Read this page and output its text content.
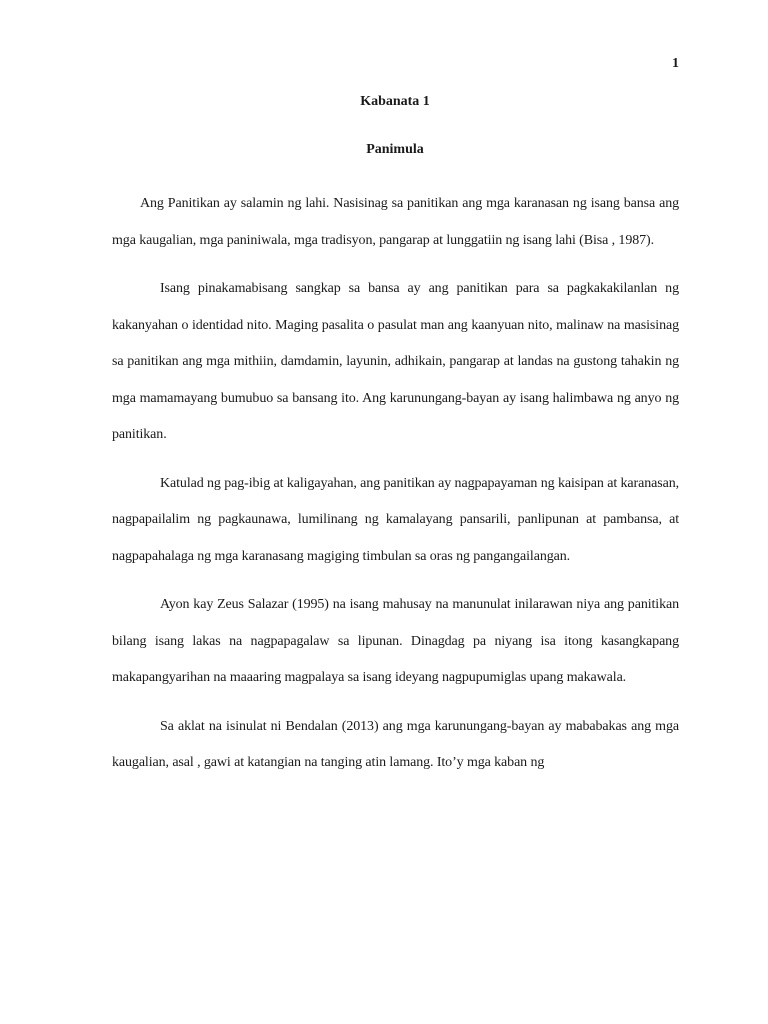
1
Kabanata 1
Panimula

Ang Panitikan ay salamin ng lahi. Nasisinag sa panitikan ang mga karanasan ng isang bansa ang mga kaugalian, mga paniniwala, mga tradisyon, pangarap at lunggatiin ng isang lahi (Bisa , 1987).

Isang pinakamabisang sangkap sa bansa ay ang panitikan para sa pagkakakilanlan ng kakanyahan o identidad nito. Maging pasalita o pasulat man ang kaanyuan nito, malinaw na masisinag sa panitikan ang mga mithiin, damdamin, layunin, adhikain, pangarap at landas na gustong tahakin ng mga mamamayang bumubuo sa bansang ito. Ang karunungang-bayan ay isang halimbawa ng anyo ng panitikan.

Katulad ng pag-ibig at kaligayahan, ang panitikan ay nagpapayaman ng kaisipan at karanasan, nagpapailalim ng pagkaunawa, lumilinang ng kamalayang pansarili, panlipunan at pambansa, at nagpapahalaga ng mga karanasang magiging timbulan sa oras ng pangangailangan.

Ayon kay Zeus Salazar (1995) na isang mahusay na manunulat inilarawan niya ang panitikan bilang isang lakas na nagpapagalaw sa lipunan. Dinagdag pa niyang isa itong kasangkapang makapangyarihan na maaaring magpalaya sa isang ideyang nagpupumiglas upang makawala.

Sa aklat na isinulat ni Bendalan (2013) ang mga karunungang-bayan ay mababakas ang mga kaugalian, asal , gawi at katangian na tanging atin lamang. Ito’y mga kaban ng
